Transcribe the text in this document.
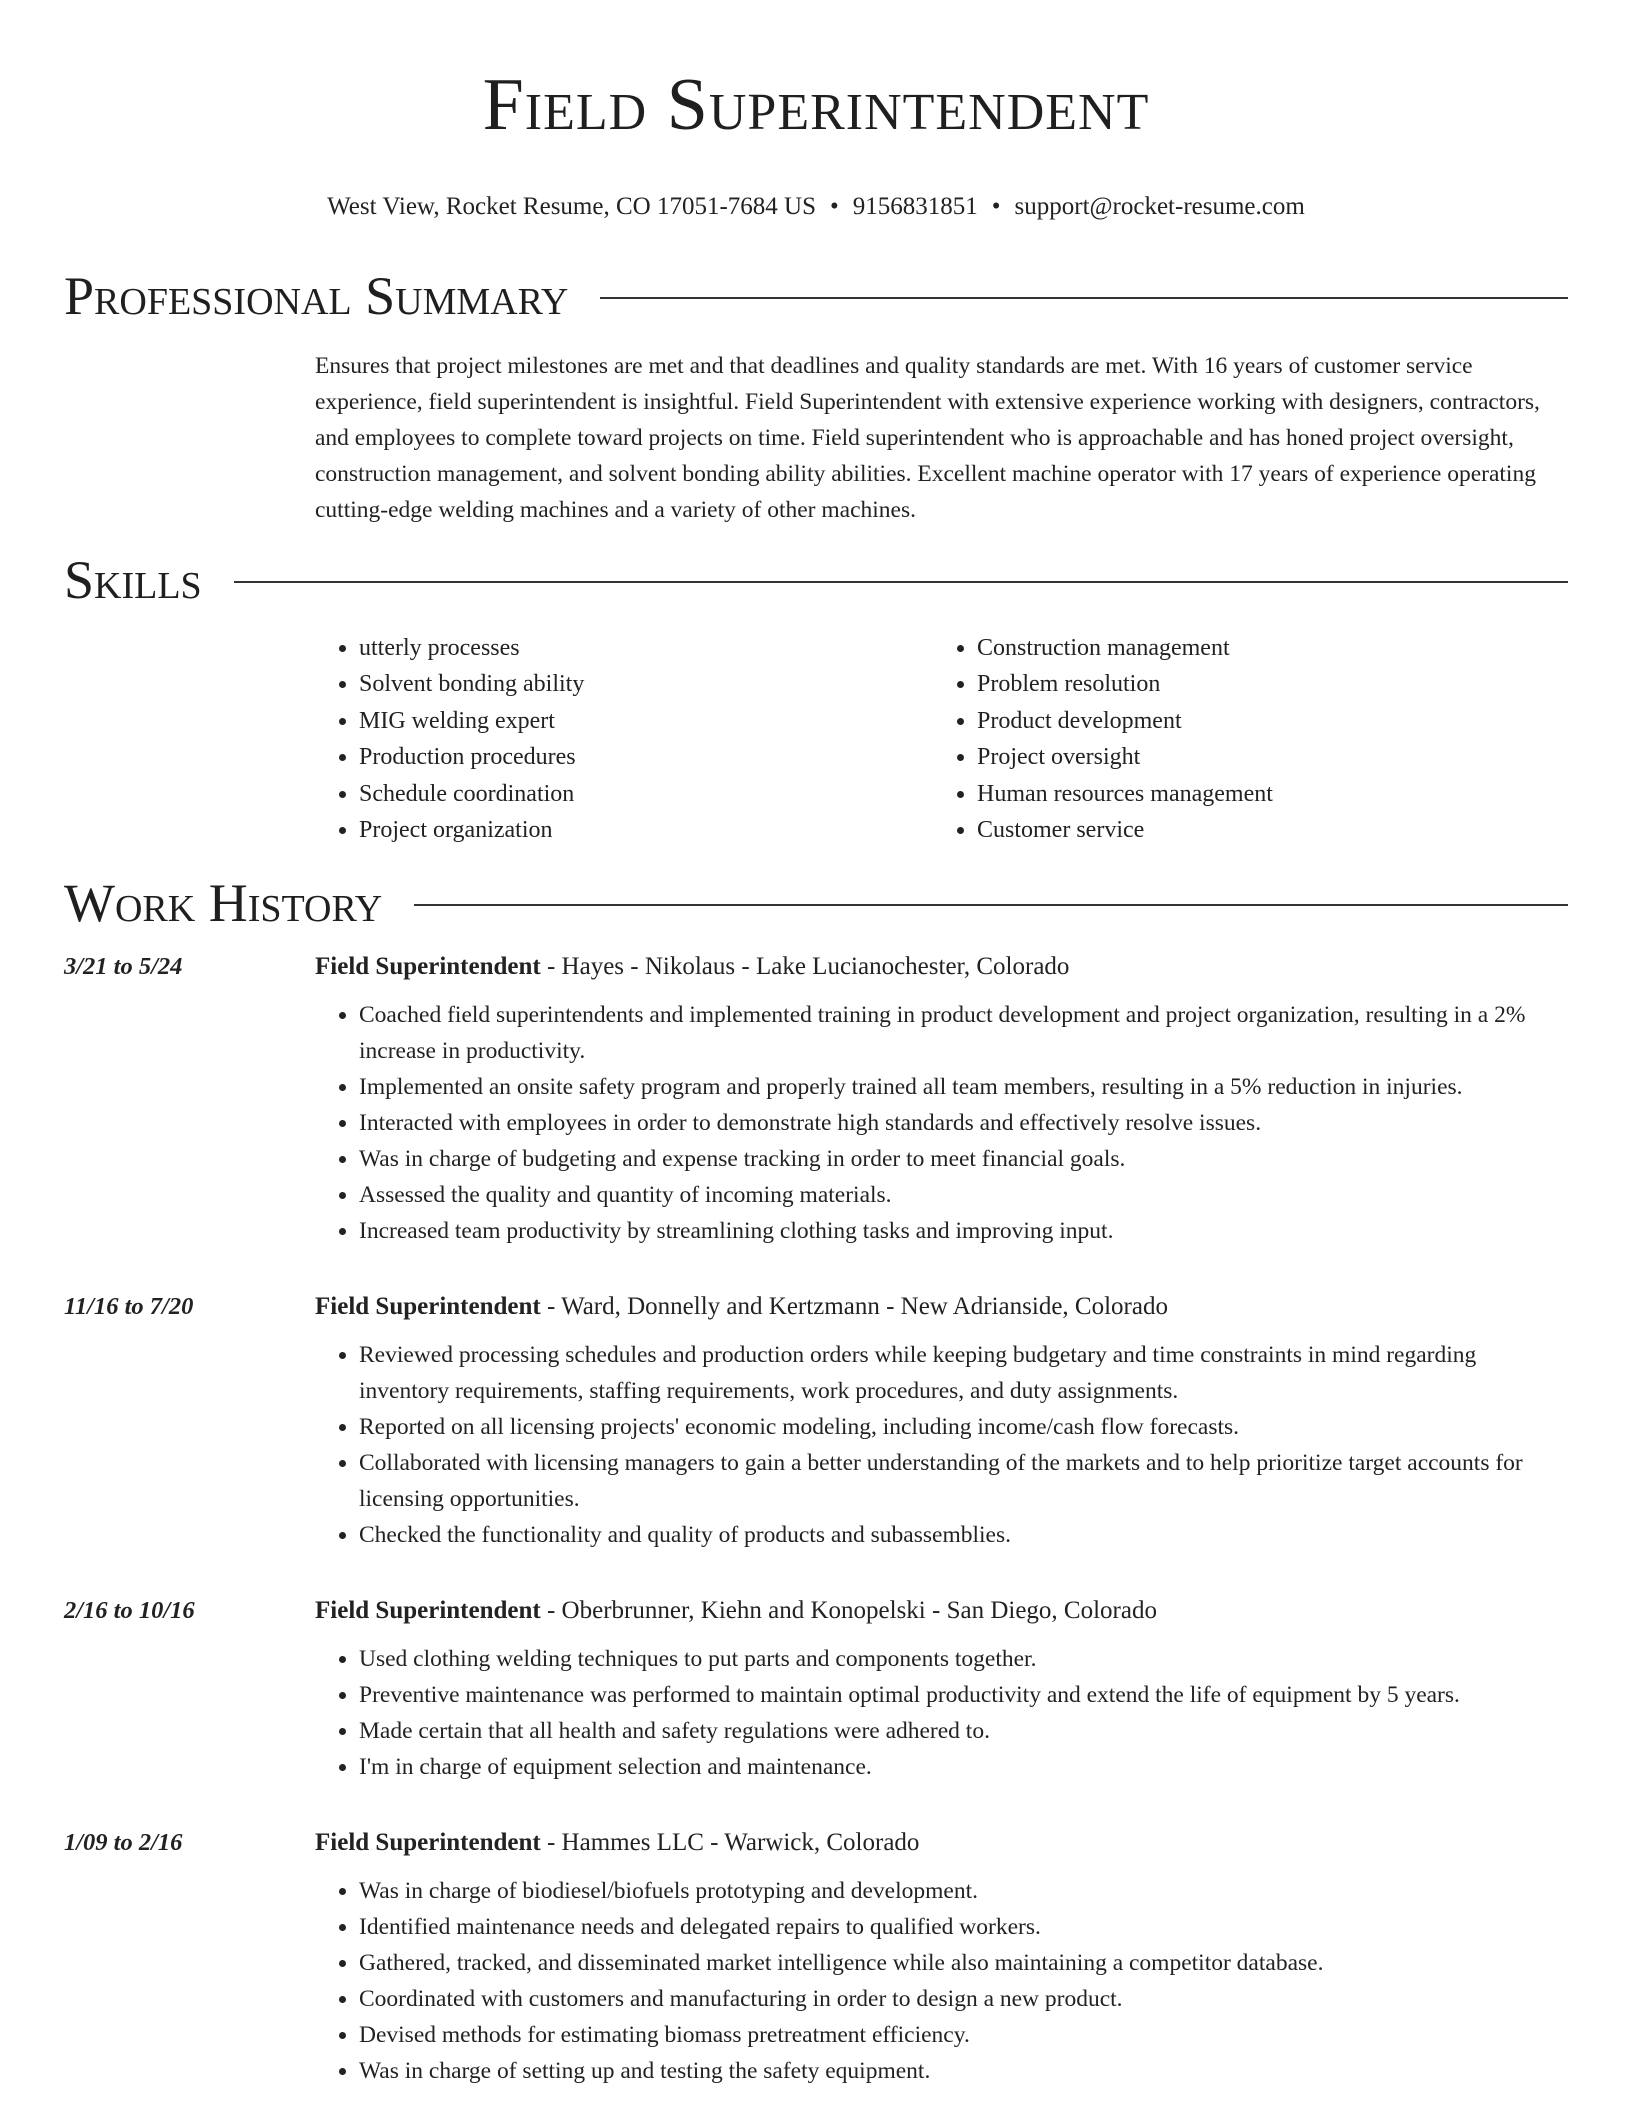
Field Superintendent
West View, Rocket Resume, CO 17051-7684 US • 9156831851 • support@rocket-resume.com
Professional Summary

Ensures that project milestones are met and that deadlines and quality standards are met. With 16 years of customer service experience, field superintendent is insightful. Field Superintendent with extensive experience working with designers, contractors, and employees to complete toward projects on time. Field superintendent who is approachable and has honed project oversight, construction management, and solvent bonding ability abilities. Excellent machine operator with 17 years of experience operating cutting-edge welding machines and a variety of other machines.

Skills
• utterly processes
• Solvent bonding ability
• MIG welding expert
• Production procedures
• Schedule coordination
• Project organization
• Construction management
• Problem resolution
• Product development
• Project oversight
• Human resources management
• Customer service
Work History
3/21 to 5/24	Field Superintendent - Hayes - Nikolaus - Lake Lucianochester, Colorado
• Coached field superintendents and implemented training in product development and project organization, resulting in a 2% increase in productivity.
• Implemented an onsite safety program and properly trained all team members, resulting in a 5% reduction in injuries.
• Interacted with employees in order to demonstrate high standards and effectively resolve issues.
• Was in charge of budgeting and expense tracking in order to meet financial goals.
• Assessed the quality and quantity of incoming materials.
• Increased team productivity by streamlining clothing tasks and improving input.
11/16 to 7/20	Field Superintendent - Ward, Donnelly and Kertzmann - New Adrianside, Colorado
• Reviewed processing schedules and production orders while keeping budgetary and time constraints in mind regarding inventory requirements, staffing requirements, work procedures, and duty assignments.
• Reported on all licensing projects' economic modeling, including income/cash flow forecasts.
• Collaborated with licensing managers to gain a better understanding of the markets and to help prioritize target accounts for licensing opportunities.
• Checked the functionality and quality of products and subassemblies.
2/16 to 10/16	Field Superintendent - Oberbrunner, Kiehn and Konopelski - San Diego, Colorado
• Used clothing welding techniques to put parts and components together.
• Preventive maintenance was performed to maintain optimal productivity and extend the life of equipment by 5 years.
• Made certain that all health and safety regulations were adhered to.
• I'm in charge of equipment selection and maintenance.
1/09 to 2/16	Field Superintendent - Hammes LLC - Warwick, Colorado
• Was in charge of biodiesel/biofuels prototyping and development.
• Identified maintenance needs and delegated repairs to qualified workers.
• Gathered, tracked, and disseminated market intelligence while also maintaining a competitor database.
• Coordinated with customers and manufacturing in order to design a new product.
• Devised methods for estimating biomass pretreatment efficiency.
• Was in charge of setting up and testing the safety equipment.
